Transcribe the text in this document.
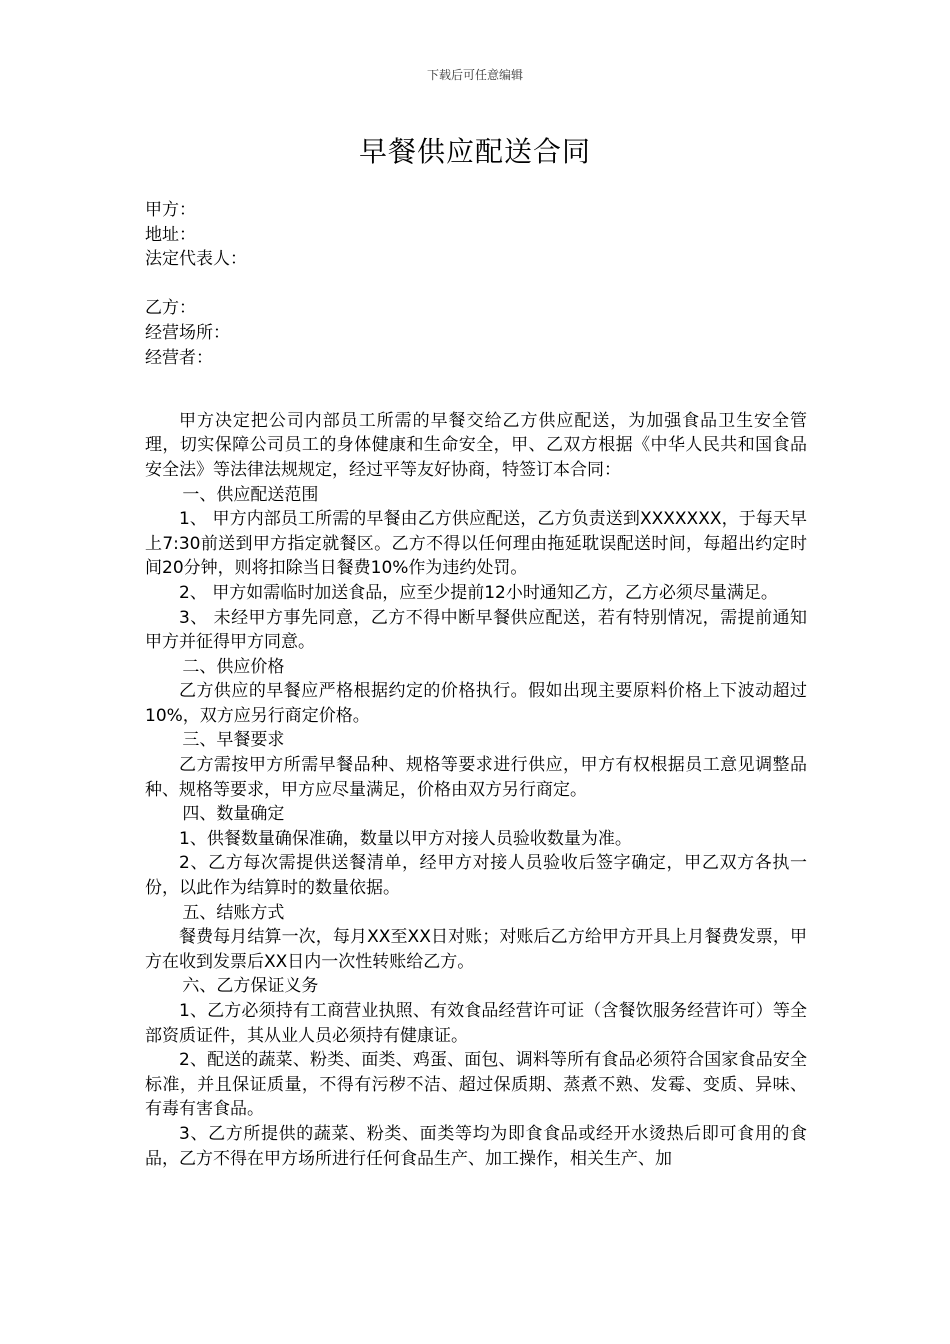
下载后可任意编辑
早餐供应配送合同

甲方：

地址：

法定代表人：

乙方：

经营场所：

经营者：

甲方决定把公司内部员工所需的早餐交给乙方供应配送，为加强食品卫生安全管理，切实保障公司员工的身体健康和生命安全，甲、乙双方根据《中华人民共和国食品安全法》等法律法规规定，经过平等友好协商，特签订本合同：

一、供应配送范围

1、 甲方内部员工所需的早餐由乙方供应配送，乙方负责送到XXXXXXX，于每天早上7:30前送到甲方指定就餐区。乙方不得以任何理由拖延耽误配送时间，每超出约定时间20分钟，则将扣除当日餐费10%作为违约处罚。

2、 甲方如需临时加送食品，应至少提前12小时通知乙方，乙方必须尽量满足。

3、 未经甲方事先同意，乙方不得中断早餐供应配送，若有特别情况，需提前通知甲方并征得甲方同意。

二、供应价格

乙方供应的早餐应严格根据约定的价格执行。假如出现主要原料价格上下波动超过10%，双方应另行商定价格。

三、早餐要求

乙方需按甲方所需早餐品种、规格等要求进行供应，甲方有权根据员工意见调整品种、规格等要求，甲方应尽量满足，价格由双方另行商定。

四、数量确定

1、供餐数量确保准确，数量以甲方对接人员验收数量为准。

2、乙方每次需提供送餐清单，经甲方对接人员验收后签字确定，甲乙双方各执一份，以此作为结算时的数量依据。

五、结账方式

餐费每月结算一次，每月XX至XX日对账；对账后乙方给甲方开具上月餐费发票，甲方在收到发票后XX日内一次性转账给乙方。

六、乙方保证义务

1、乙方必须持有工商营业执照、有效食品经营许可证（含餐饮服务经营许可）等全部资质证件，其从业人员必须持有健康证。

2、配送的蔬菜、粉类、面类、鸡蛋、面包、调料等所有食品必须符合国家食品安全标准，并且保证质量，不得有污秽不洁、超过保质期、蒸煮不熟、发霉、变质、异味、有毒有害食品。

3、乙方所提供的蔬菜、粉类、面类等均为即食食品或经开水烫热后即可食用的食品，乙方不得在甲方场所进行任何食品生产、加工操作，相关生产、加
